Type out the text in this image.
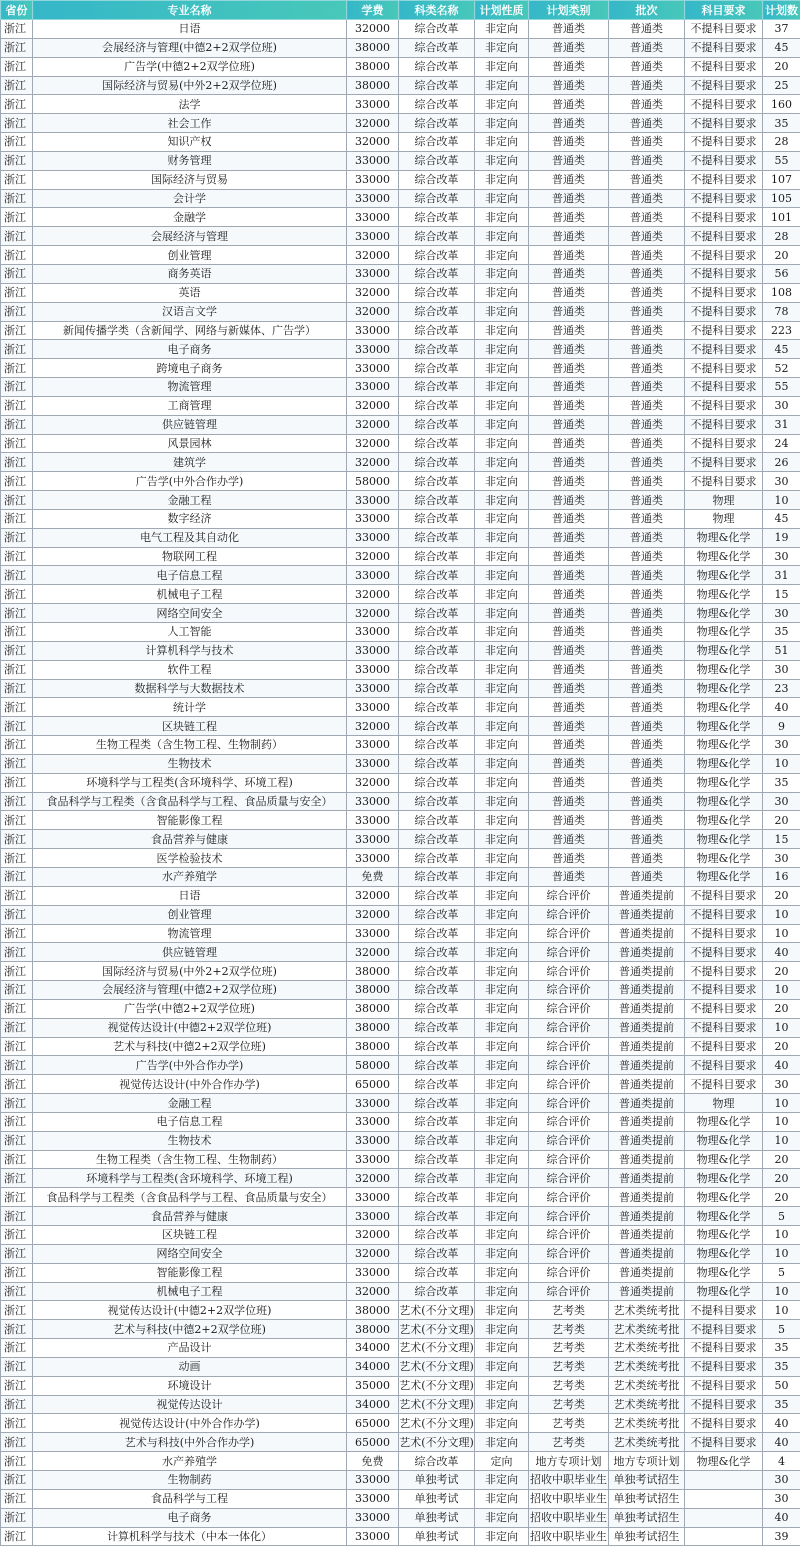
省份	专业名称	学费	科类名称	计划性质	计划类别	批次	科目要求	计划数
浙江	日语	32000	综合改革	非定向	普通类	普通类	不提科目要求	37
浙江	会展经济与管理(中德2+2双学位班)	38000	综合改革	非定向	普通类	普通类	不提科目要求	45
浙江	广告学(中德2+2双学位班)	38000	综合改革	非定向	普通类	普通类	不提科目要求	20
浙江	国际经济与贸易(中外2+2双学位班)	38000	综合改革	非定向	普通类	普通类	不提科目要求	25
浙江	法学	33000	综合改革	非定向	普通类	普通类	不提科目要求	160
浙江	社会工作	32000	综合改革	非定向	普通类	普通类	不提科目要求	35
浙江	知识产权	32000	综合改革	非定向	普通类	普通类	不提科目要求	28
浙江	财务管理	33000	综合改革	非定向	普通类	普通类	不提科目要求	55
浙江	国际经济与贸易	33000	综合改革	非定向	普通类	普通类	不提科目要求	107
浙江	会计学	33000	综合改革	非定向	普通类	普通类	不提科目要求	105
浙江	金融学	33000	综合改革	非定向	普通类	普通类	不提科目要求	101
浙江	会展经济与管理	33000	综合改革	非定向	普通类	普通类	不提科目要求	28
浙江	创业管理	32000	综合改革	非定向	普通类	普通类	不提科目要求	20
浙江	商务英语	33000	综合改革	非定向	普通类	普通类	不提科目要求	56
浙江	英语	32000	综合改革	非定向	普通类	普通类	不提科目要求	108
浙江	汉语言文学	32000	综合改革	非定向	普通类	普通类	不提科目要求	78
浙江	新闻传播学类（含新闻学、网络与新媒体、广告学）	33000	综合改革	非定向	普通类	普通类	不提科目要求	223
浙江	电子商务	33000	综合改革	非定向	普通类	普通类	不提科目要求	45
浙江	跨境电子商务	33000	综合改革	非定向	普通类	普通类	不提科目要求	52
浙江	物流管理	33000	综合改革	非定向	普通类	普通类	不提科目要求	55
浙江	工商管理	32000	综合改革	非定向	普通类	普通类	不提科目要求	30
浙江	供应链管理	32000	综合改革	非定向	普通类	普通类	不提科目要求	31
浙江	风景园林	32000	综合改革	非定向	普通类	普通类	不提科目要求	24
浙江	建筑学	32000	综合改革	非定向	普通类	普通类	不提科目要求	26
浙江	广告学(中外合作办学)	58000	综合改革	非定向	普通类	普通类	不提科目要求	30
浙江	金融工程	33000	综合改革	非定向	普通类	普通类	物理	10
浙江	数字经济	33000	综合改革	非定向	普通类	普通类	物理	45
浙江	电气工程及其自动化	33000	综合改革	非定向	普通类	普通类	物理&化学	19
浙江	物联网工程	32000	综合改革	非定向	普通类	普通类	物理&化学	30
浙江	电子信息工程	33000	综合改革	非定向	普通类	普通类	物理&化学	31
浙江	机械电子工程	32000	综合改革	非定向	普通类	普通类	物理&化学	15
浙江	网络空间安全	32000	综合改革	非定向	普通类	普通类	物理&化学	30
浙江	人工智能	33000	综合改革	非定向	普通类	普通类	物理&化学	35
浙江	计算机科学与技术	33000	综合改革	非定向	普通类	普通类	物理&化学	51
浙江	软件工程	33000	综合改革	非定向	普通类	普通类	物理&化学	30
浙江	数据科学与大数据技术	33000	综合改革	非定向	普通类	普通类	物理&化学	23
浙江	统计学	33000	综合改革	非定向	普通类	普通类	物理&化学	40
浙江	区块链工程	32000	综合改革	非定向	普通类	普通类	物理&化学	9
浙江	生物工程类（含生物工程、生物制药）	33000	综合改革	非定向	普通类	普通类	物理&化学	30
浙江	生物技术	33000	综合改革	非定向	普通类	普通类	物理&化学	10
浙江	环境科学与工程类(含环境科学、环境工程)	32000	综合改革	非定向	普通类	普通类	物理&化学	35
浙江	食品科学与工程类（含食品科学与工程、食品质量与安全）	33000	综合改革	非定向	普通类	普通类	物理&化学	30
浙江	智能影像工程	33000	综合改革	非定向	普通类	普通类	物理&化学	20
浙江	食品营养与健康	33000	综合改革	非定向	普通类	普通类	物理&化学	15
浙江	医学检验技术	33000	综合改革	非定向	普通类	普通类	物理&化学	30
浙江	水产养殖学	免费	综合改革	非定向	普通类	普通类	物理&化学	16
浙江	日语	32000	综合改革	非定向	综合评价	普通类提前	不提科目要求	20
浙江	创业管理	32000	综合改革	非定向	综合评价	普通类提前	不提科目要求	10
浙江	物流管理	33000	综合改革	非定向	综合评价	普通类提前	不提科目要求	10
浙江	供应链管理	32000	综合改革	非定向	综合评价	普通类提前	不提科目要求	40
浙江	国际经济与贸易(中外2+2双学位班)	38000	综合改革	非定向	综合评价	普通类提前	不提科目要求	20
浙江	会展经济与管理(中德2+2双学位班)	38000	综合改革	非定向	综合评价	普通类提前	不提科目要求	10
浙江	广告学(中德2+2双学位班)	38000	综合改革	非定向	综合评价	普通类提前	不提科目要求	20
浙江	视觉传达设计(中德2+2双学位班)	38000	综合改革	非定向	综合评价	普通类提前	不提科目要求	10
浙江	艺术与科技(中德2+2双学位班)	38000	综合改革	非定向	综合评价	普通类提前	不提科目要求	20
浙江	广告学(中外合作办学)	58000	综合改革	非定向	综合评价	普通类提前	不提科目要求	40
浙江	视觉传达设计(中外合作办学)	65000	综合改革	非定向	综合评价	普通类提前	不提科目要求	30
浙江	金融工程	33000	综合改革	非定向	综合评价	普通类提前	物理	10
浙江	电子信息工程	33000	综合改革	非定向	综合评价	普通类提前	物理&化学	10
浙江	生物技术	33000	综合改革	非定向	综合评价	普通类提前	物理&化学	10
浙江	生物工程类（含生物工程、生物制药）	33000	综合改革	非定向	综合评价	普通类提前	物理&化学	20
浙江	环境科学与工程类(含环境科学、环境工程)	32000	综合改革	非定向	综合评价	普通类提前	物理&化学	20
浙江	食品科学与工程类（含食品科学与工程、食品质量与安全）	33000	综合改革	非定向	综合评价	普通类提前	物理&化学	20
浙江	食品营养与健康	33000	综合改革	非定向	综合评价	普通类提前	物理&化学	5
浙江	区块链工程	32000	综合改革	非定向	综合评价	普通类提前	物理&化学	10
浙江	网络空间安全	32000	综合改革	非定向	综合评价	普通类提前	物理&化学	10
浙江	智能影像工程	33000	综合改革	非定向	综合评价	普通类提前	物理&化学	5
浙江	机械电子工程	32000	综合改革	非定向	综合评价	普通类提前	物理&化学	10
浙江	视觉传达设计(中德2+2双学位班)	38000	艺术(不分文理)	非定向	艺考类	艺术类统考批	不提科目要求	10
浙江	艺术与科技(中德2+2双学位班)	38000	艺术(不分文理)	非定向	艺考类	艺术类统考批	不提科目要求	5
浙江	产品设计	34000	艺术(不分文理)	非定向	艺考类	艺术类统考批	不提科目要求	35
浙江	动画	34000	艺术(不分文理)	非定向	艺考类	艺术类统考批	不提科目要求	35
浙江	环境设计	35000	艺术(不分文理)	非定向	艺考类	艺术类统考批	不提科目要求	50
浙江	视觉传达设计	34000	艺术(不分文理)	非定向	艺考类	艺术类统考批	不提科目要求	35
浙江	视觉传达设计(中外合作办学)	65000	艺术(不分文理)	非定向	艺考类	艺术类统考批	不提科目要求	40
浙江	艺术与科技(中外合作办学)	65000	艺术(不分文理)	非定向	艺考类	艺术类统考批	不提科目要求	40
浙江	水产养殖学	免费	综合改革	定向	地方专项计划	地方专项计划	物理&化学	4
浙江	生物制药	33000	单独考试	非定向	招收中职毕业生	单独考试招生		30
浙江	食品科学与工程	33000	单独考试	非定向	招收中职毕业生	单独考试招生		30
浙江	电子商务	33000	单独考试	非定向	招收中职毕业生	单独考试招生		40
浙江	计算机科学与技术（中本一体化）	33000	单独考试	非定向	招收中职毕业生	单独考试招生		39
